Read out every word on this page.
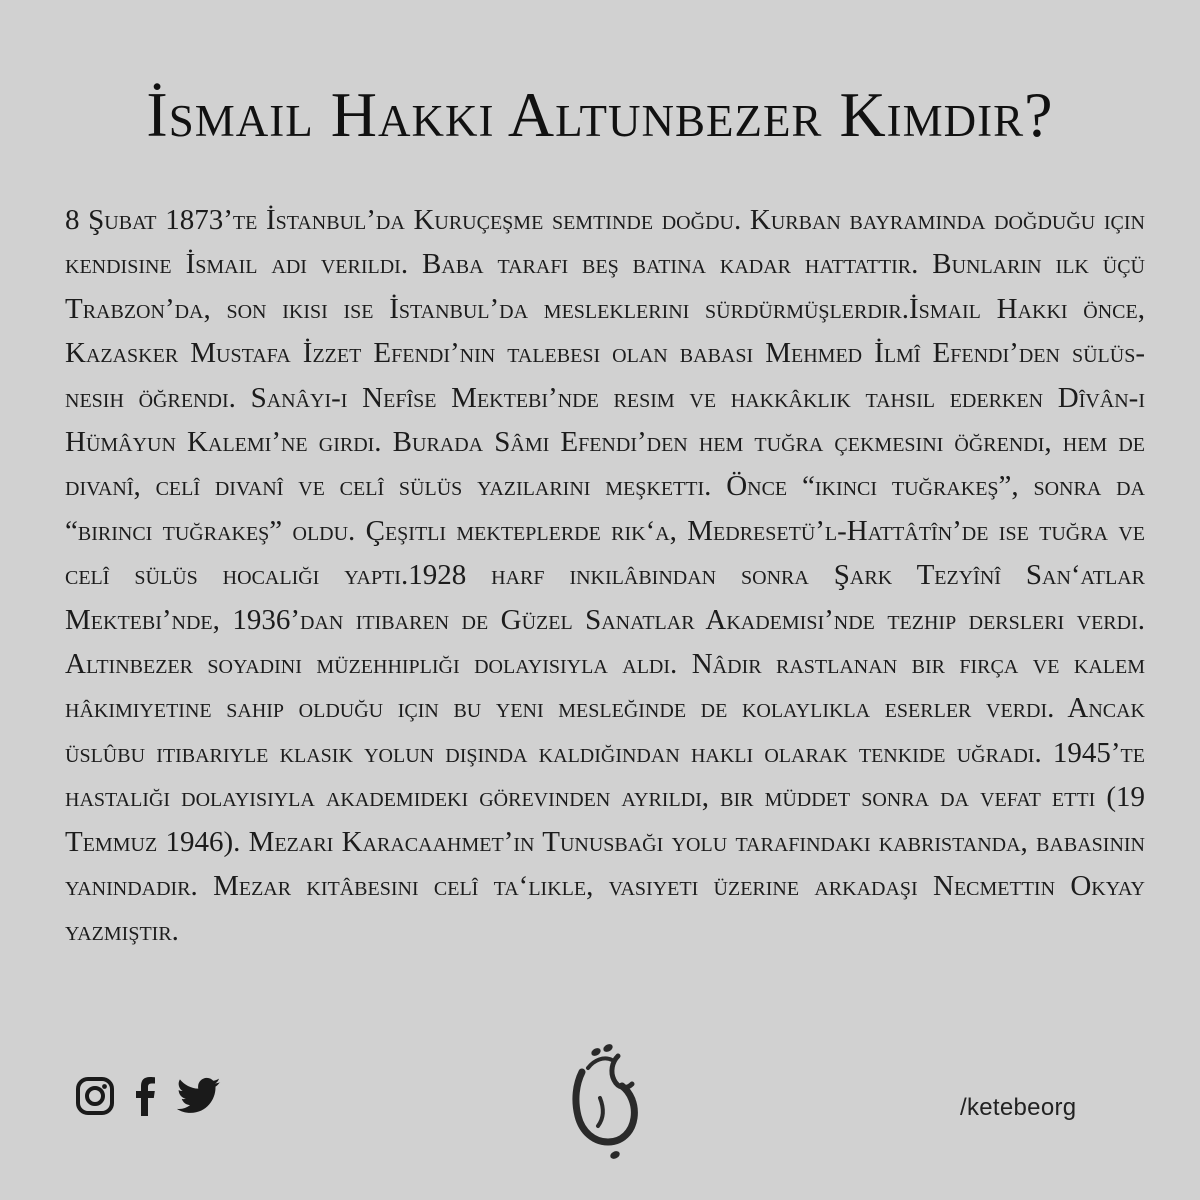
İsmail Hakkı Altunbezer Kimdir?

8 Şubat 1873’te İstanbul’da Kuruçeşme semtinde doğdu. Kurban bayramında doğduğu için kendisine İsmail adı verildi. Baba tarafı beş batına kadar hattattır. Bunların ilk üçü Trabzon’da, son ikisi ise İstanbul’da mesleklerini sürdürmüşlerdir.İsmail Hakkı önce, Kazasker Mustafa İzzet Efendi’nin talebesi olan babası Mehmed İlmî Efendi’den sülüs-nesih öğrendi. Sanâyi-i Nefîse Mektebi’nde resim ve hakkâklık tahsil ederken Dîvân-ı Hümâyun Kalemi’ne girdi. Burada Sâmi Efendi’den hem tuğra çekmesini öğrendi, hem de divanî, celî divanî ve celî sülüs yazılarını meşketti. Önce “ikinci tuğrakeş”, sonra da “birinci tuğrakeş” oldu. Çeşitli mekteplerde rik‘a, Medresetü’l-Hattâtîn’de ise tuğra ve celî sülüs hocalığı yaptı.1928 harf inkılâbından sonra Şark Tezyînî San‘atlar Mektebi’nde, 1936’dan itibaren de Güzel Sanatlar Akademisi’nde tezhip dersleri verdi. Altınbezer soyadını müzehhipliği dolayısıyla aldı. Nâdir rastlanan bir fırça ve kalem hâkimiyetine sahip olduğu için bu yeni mesleğinde de kolaylıkla eserler verdi. Ancak üslûbu itibariyle klasik yolun dışında kaldığından haklı olarak tenkide uğradı. 1945’te hastalığı dolayısıyla akademideki görevinden ayrıldı, bir müddet sonra da vefat etti (19 Temmuz 1946). Mezarı Karacaahmet’in Tunusbağı yolu tarafındaki kabristanda, babasının yanındadır. Mezar kitâbesini celî ta‘likle, vasiyeti üzerine arkadaşı Necmettin Okyay yazmıştır.

/ketebeorg
